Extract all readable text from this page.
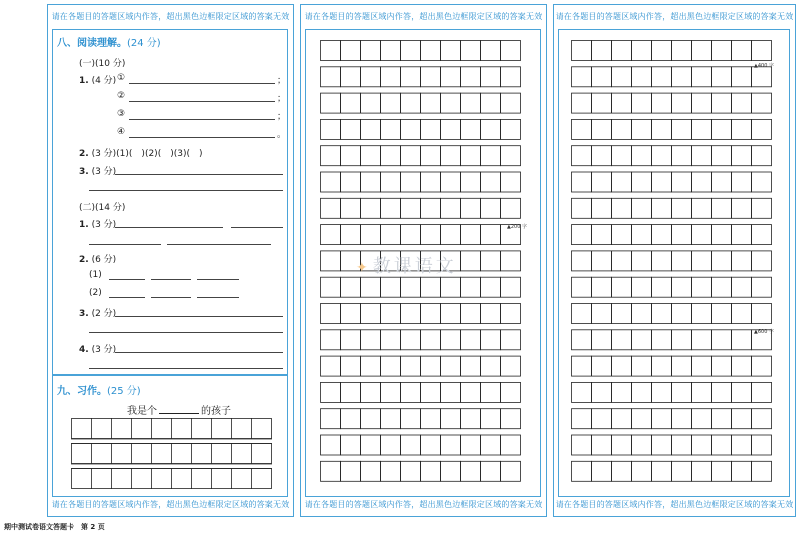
请在各题目的答题区域内作答，超出黑色边框限定区域的答案无效
请在各题目的答题区域内作答，超出黑色边框限定区域的答案无效
八、阅读理解。(24 分)
(一)(10 分)
1. (4 分) ①	；
②	；
③	；
④	。
2. (3 分)(1)(　)(2)(　)(3)(　)
3. (3 分)
(二)(14 分)
1. (3 分)
2. (6 分)
(1)
(2)
3. (2 分)
4. (3 分)
九、习作。(25 分)
我是个	的孩子
请在各题目的答题区域内作答，超出黑色边框限定区域的答案无效
请在各题目的答题区域内作答，超出黑色边框限定区域的答案无效
▲200 字
请在各题目的答题区域内作答，超出黑色边框限定区域的答案无效
请在各题目的答题区域内作答，超出黑色边框限定区域的答案无效
▲400 字
▲600 字
✦ 教课语文
期中测试卷语文答题卡　第 2 页
